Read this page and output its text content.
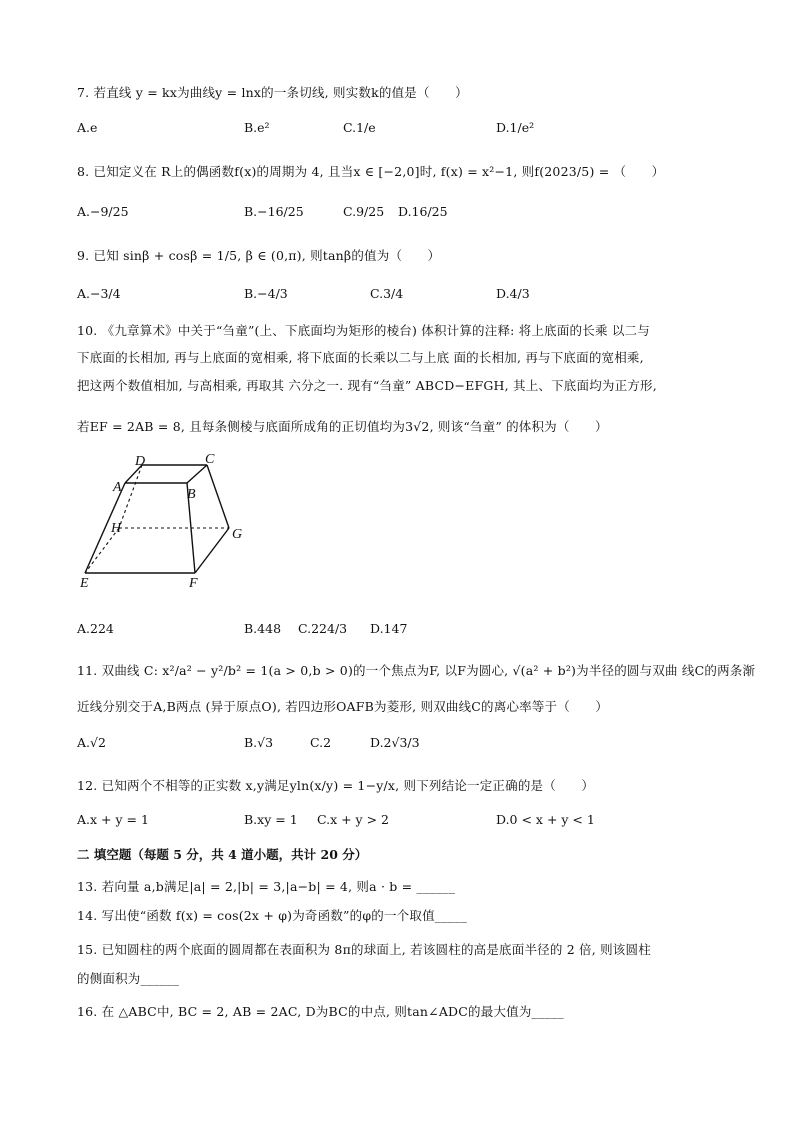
7. 若直线 y = kx为曲线y = lnx的一条切线, 则实数k的值是（　　）
A.e	B.e²	C.1/e	D.1/e²
8. 已知定义在 R上的偶函数f(x)的周期为 4, 且当x ∈ [−2,0]时, f(x) = x²−1, 则f(2023/5) = （　　）
A.−9/25	B.−16/25	C.9/25 D.16/25
9. 已知 sinβ + cosβ = 1/5, β ∈ (0,π), 则tanβ的值为（　　）
A.−3/4	B.−4/3	C.3/4	D.4/3
10. 《九章算术》中关于“刍童”(上、下底面均为矩形的棱台) 体积计算的注释: 将上底面的长乘 以二与
下底面的长相加, 再与上底面的宽相乘, 将下底面的长乘以二与上底 面的长相加, 再与下底面的宽相乘,
把这两个数值相加, 与高相乘, 再取其 六分之一. 现有“刍童” ABCD−EFGH, 其上、下底面均为正方形,
若EF = 2AB = 8, 且每条侧棱与底面所成角的正切值均为3√2, 则该“刍童” 的体积为（　　）
D	C
A	B
H	G
E	F
A.224	B.448 C.224/3 D.147
11. 双曲线 C: x²/a² − y²/b² = 1(a > 0,b > 0)的一个焦点为F, 以F为圆心, √(a² + b²)为半径的圆与双曲 线C的两条渐
近线分别交于A,B两点 (异于原点O), 若四边形OAFB为菱形, 则双曲线C的离心率等于（　　）
A.√2	B.√3	C.2	D.2√3/3
12. 已知两个不相等的正实数 x,y满足yln(x/y) = 1−y/x, 则下列结论一定正确的是（　　）
A.x + y = 1	B.xy = 1 C.x + y > 2	D.0 < x + y < 1
二 填空题（每题 5 分，共 4 道小题，共计 20 分）
13. 若向量 a,b满足|a| = 2,|b| = 3,|a−b| = 4, 则a · b = ______
14. 写出使“函数 f(x) = cos(2x + φ)为奇函数”的φ的一个取值_____
15. 已知圆柱的两个底面的圆周都在表面积为 8π的球面上, 若该圆柱的高是底面半径的 2 倍, 则该圆柱
的侧面积为______
16. 在 △ABC中, BC = 2, AB = 2AC, D为BC的中点, 则tan∠ADC的最大值为_____
